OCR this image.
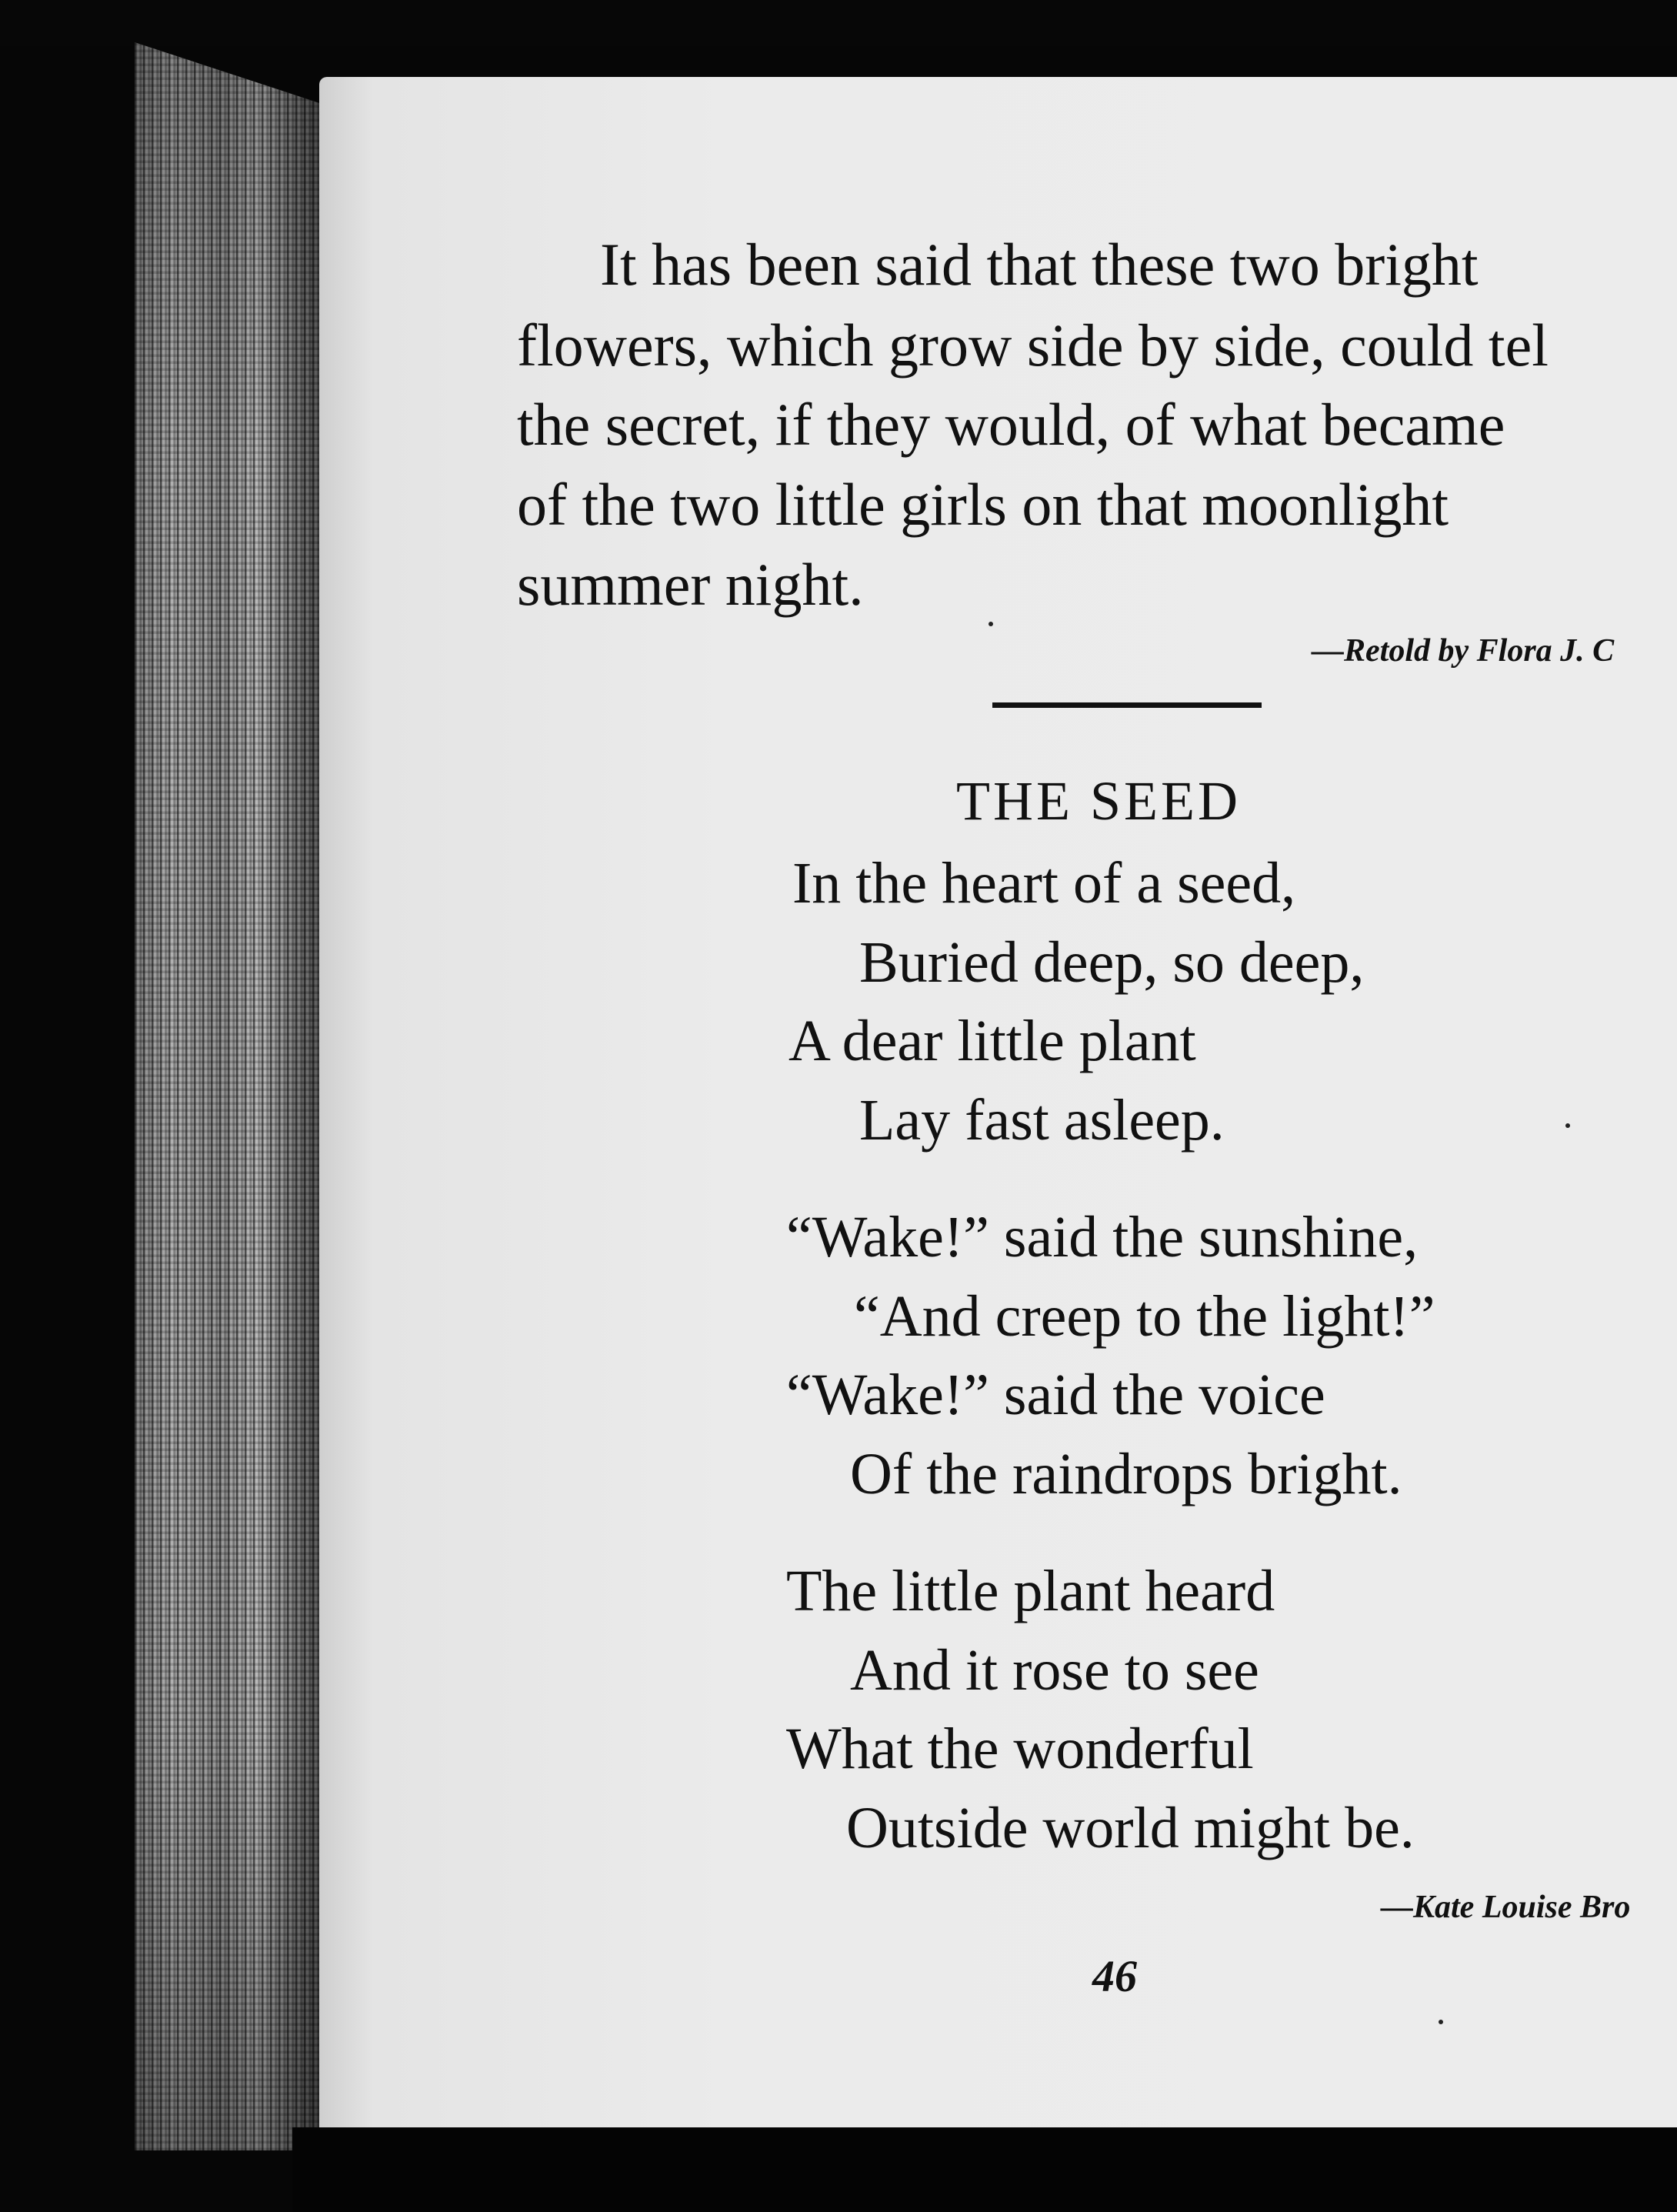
It has been said that these two bright
flowers, which grow side by side, could tel
the secret, if they would, of what became
of the two little girls on that moonlight
summer night.
—Retold by Flora J. C
THE SEED
In the heart of a seed,
Buried deep, so deep,
A dear little plant
Lay fast asleep.
“Wake!” said the sunshine,
“And creep to the light!”
“Wake!” said the voice
Of the raindrops bright.
The little plant heard
And it rose to see
What the wonderful
Outside world might be.
—Kate Louise Bro
46
